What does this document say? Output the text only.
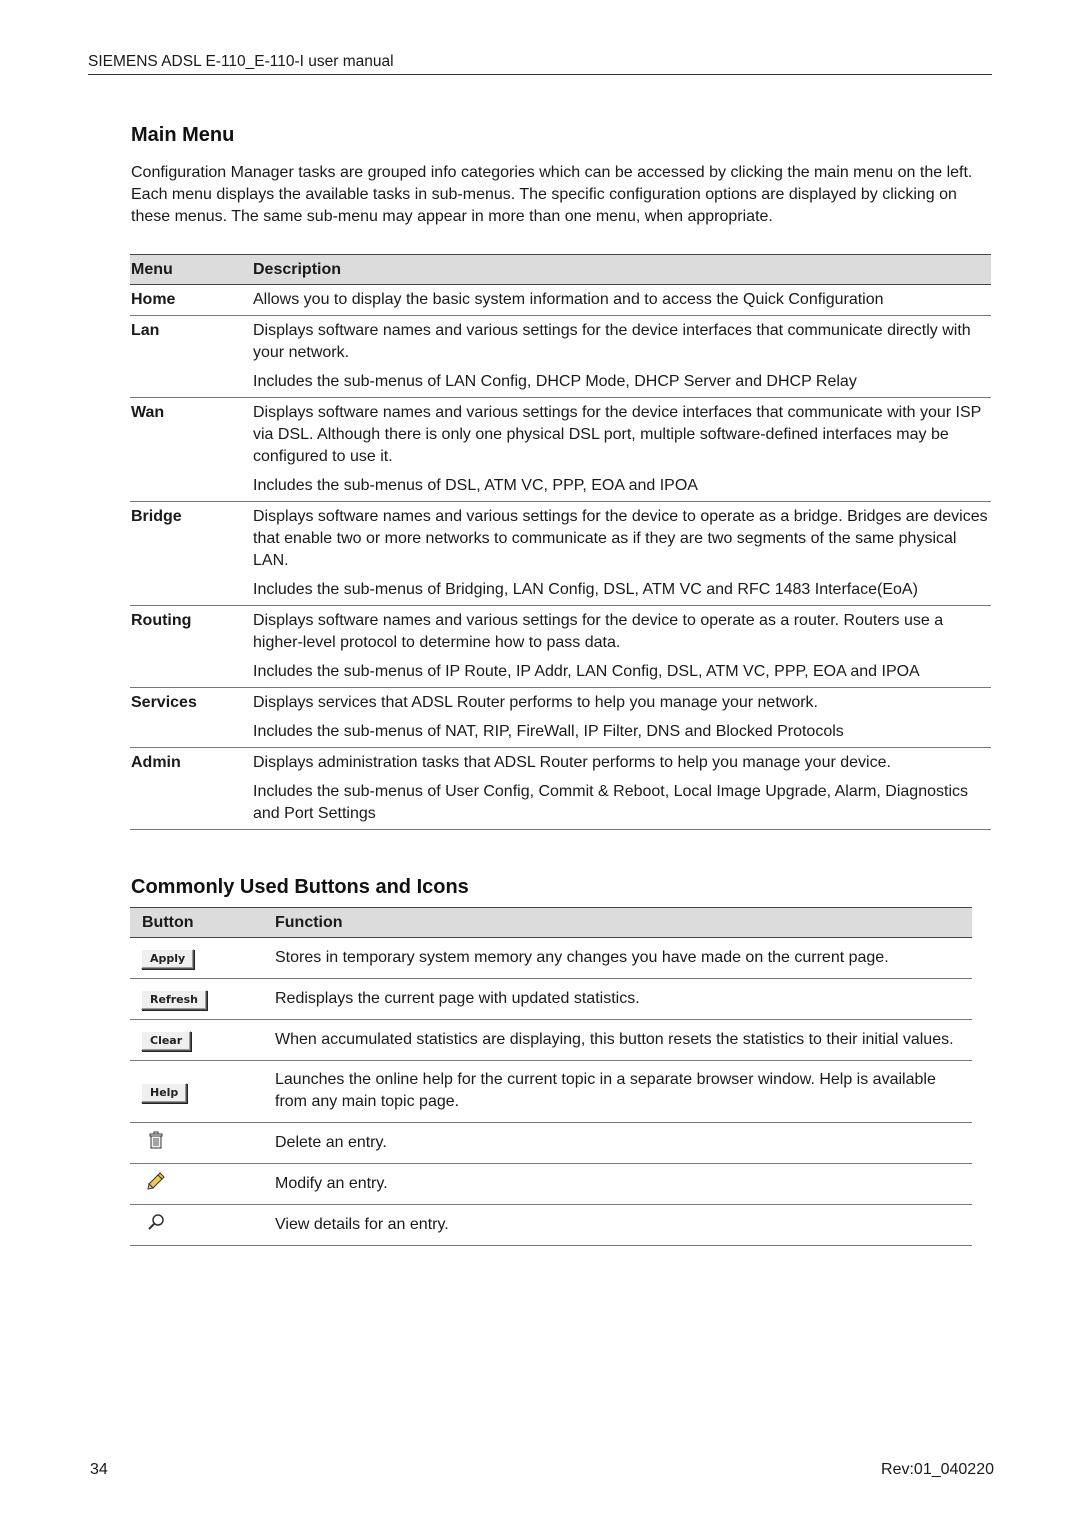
SIEMENS ADSL E-110_E-110-I user manual
Main Menu
Configuration Manager tasks are grouped info categories which can be accessed by clicking the main menu on the left. Each menu displays the available tasks in sub-menus. The specific configuration options are displayed by clicking on these menus. The same sub-menu may appear in more than one menu, when appropriate.
Menu	Description
Home	Allows you to display the basic system information and to access the Quick Configuration

Lan	Displays software names and various settings for the device interfaces that communicate directly with your network.
Includes the sub-menus of LAN Config, DHCP Mode, DHCP Server and DHCP Relay

Wan	Displays software names and various settings for the device interfaces that communicate with your ISP via DSL. Although there is only one physical DSL port, multiple software-defined interfaces may be configured to use it.
Includes the sub-menus of DSL, ATM VC, PPP, EOA and IPOA

Bridge	Displays software names and various settings for the device to operate as a bridge. Bridges are devices that enable two or more networks to communicate as if they are two segments of the same physical LAN.
Includes the sub-menus of Bridging, LAN Config, DSL, ATM VC and RFC 1483 Interface(EoA)

Routing	Displays software names and various settings for the device to operate as a router. Routers use a higher-level protocol to determine how to pass data.
Includes the sub-menus of IP Route, IP Addr, LAN Config, DSL, ATM VC, PPP, EOA and IPOA

Services	Displays services that ADSL Router performs to help you manage your network.
Includes the sub-menus of NAT, RIP, FireWall, IP Filter, DNS and Blocked Protocols

Admin	Displays administration tasks that ADSL Router performs to help you manage your device.
Includes the sub-menus of User Config, Commit & Reboot, Local Image Upgrade, Alarm, Diagnostics and Port Settings
Commonly Used Buttons and Icons
Button	Function
Apply	Stores in temporary system memory any changes you have made on the current page.
Refresh	Redisplays the current page with updated statistics.
Clear	When accumulated statistics are displaying, this button resets the statistics to their initial values.
Help	Launches the online help for the current topic in a separate browser window. Help is available from any main topic page.
	Delete an entry.
	Modify an entry.
	View details for an entry.
34	Rev:01_040220
